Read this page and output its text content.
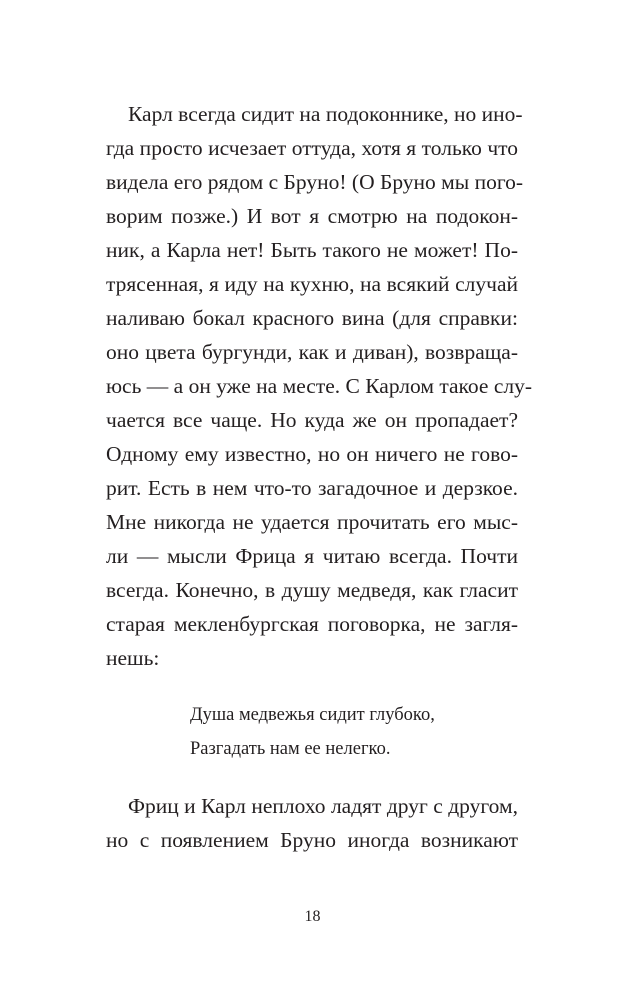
Карл всегда сидит на подоконнике, но ино-
гда просто исчезает оттуда, хотя я только что
видела его рядом с Бруно! (О Бруно мы пого-
ворим позже.) И вот я смотрю на подокон-
ник, а Карла нет! Быть такого не может! По-
трясенная, я иду на кухню, на всякий случай
наливаю бокал красного вина (для справки:
оно цвета бургунди, как и диван), возвраща-
юсь — а он уже на месте. С Карлом такое слу-
чается все чаще. Но куда же он пропадает?
Одному ему известно, но он ничего не гово-
рит. Есть в нем что-то загадочное и дерзкое.
Мне никогда не удается прочитать его мыс-
ли — мысли Фрица я читаю всегда. Почти
всегда. Конечно, в душу медведя, как гласит
старая мекленбургская поговорка, не загля-
нешь:
Душа медвежья сидит глубоко,
Разгадать нам ее нелегко.
Фриц и Карл неплохо ладят друг с другом,
но с появлением Бруно иногда возникают
18
